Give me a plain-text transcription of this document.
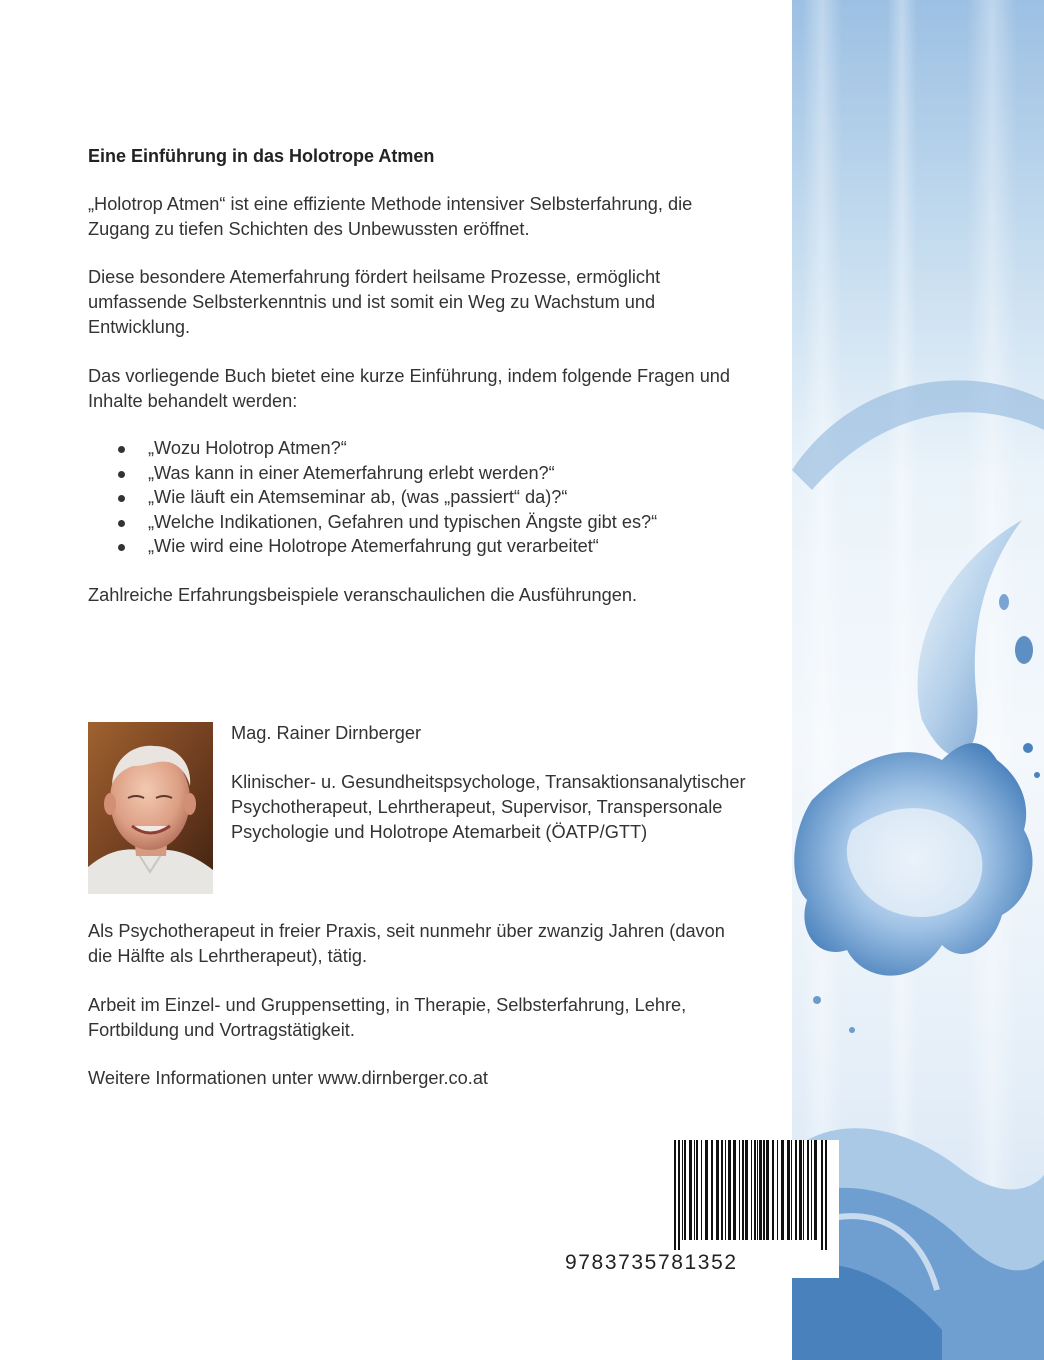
Eine Einführung in das Holotrope Atmen

„Holotrop Atmen“ ist eine effiziente Methode intensiver Selbsterfahrung, die Zugang zu tiefen Schichten des Unbewussten eröffnet.

Diese besondere Atemerfahrung fördert heilsame Prozesse, ermöglicht umfassende Selbsterkenntnis und ist somit ein Weg zu Wachstum und Entwicklung.

Das vorliegende Buch bietet eine kurze Einführung, indem folgende Fragen und Inhalte behandelt werden:

„Wozu Holotrop Atmen?“
„Was kann in einer Atemerfahrung erlebt werden?“
„Wie läuft ein Atemseminar ab, (was „passiert“ da)?“
„Welche Indikationen, Gefahren und typischen Ängste gibt es?“
„Wie wird eine Holotrope Atemerfahrung gut verarbeitet“

Zahlreiche Erfahrungsbeispiele veranschaulichen die Ausführungen.

Mag. Rainer Dirnberger

Klinischer- u. Gesundheitspsychologe, Transaktionsanalytischer Psychotherapeut, Lehrtherapeut, Supervisor, Transpersonale Psychologie und Holotrope Atemarbeit (ÖATP/GTT)

Als Psychotherapeut in freier Praxis, seit nunmehr über zwanzig Jahren (davon die Hälfte als Lehrtherapeut), tätig.

Arbeit im Einzel- und Gruppensetting, in Therapie, Selbsterfahrung, Lehre, Fortbildung und Vortragstätigkeit.

Weitere Informationen unter www.dirnberger.co.at

9783735781352
